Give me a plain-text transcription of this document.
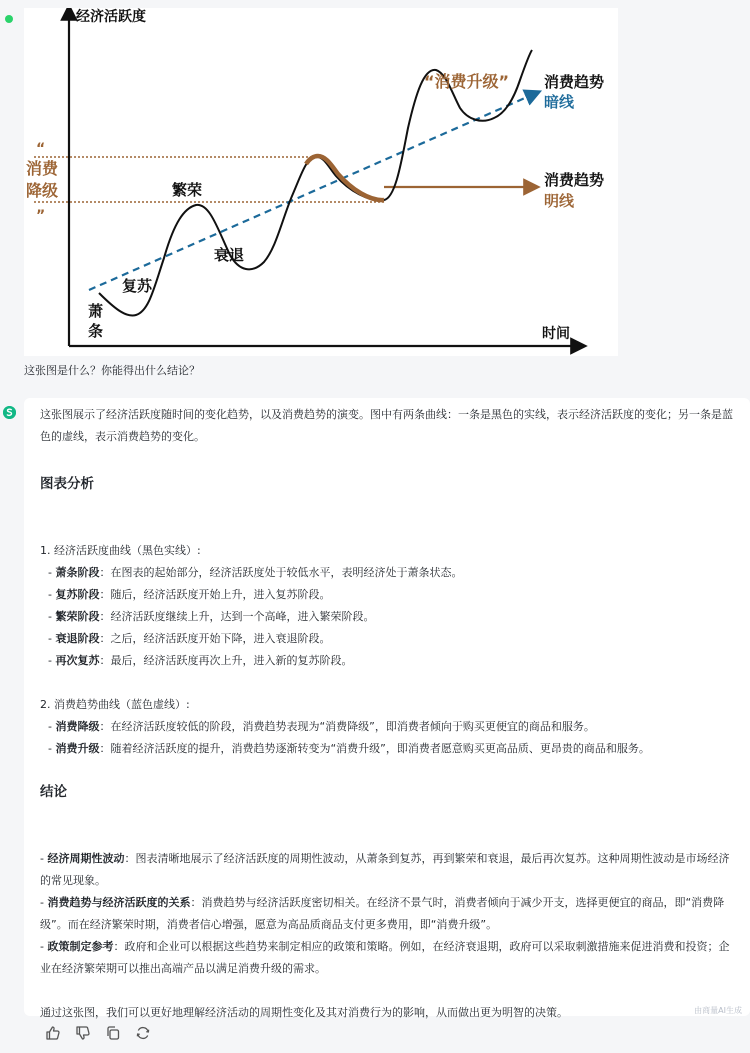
经济活跃度
时间
“消费升级”
“
消费
降级
”
消费趋势
暗线
消费趋势
明线
繁荣
复苏
衰退
萧
条
这张图是什么？你能得出什么结论？

这张图展示了经济活跃度随时间的变化趋势，以及消费趋势的演变。图中有两条曲线：一条是黑色的实线，表示经济活跃度的变化；另一条是蓝色的虚线，表示消费趋势的变化。

图表分析

1. 经济活跃度曲线（黑色实线）:

- 萧条阶段：在图表的起始部分，经济活跃度处于较低水平，表明经济处于萧条状态。

- 复苏阶段：随后，经济活跃度开始上升，进入复苏阶段。

- 繁荣阶段：经济活跃度继续上升，达到一个高峰，进入繁荣阶段。

- 衰退阶段：之后，经济活跃度开始下降，进入衰退阶段。

- 再次复苏：最后，经济活跃度再次上升，进入新的复苏阶段。

2. 消费趋势曲线（蓝色虚线）:

- 消费降级：在经济活跃度较低的阶段，消费趋势表现为“消费降级”，即消费者倾向于购买更便宜的商品和服务。

- 消费升级：随着经济活跃度的提升，消费趋势逐渐转变为“消费升级”，即消费者愿意购买更高品质、更昂贵的商品和服务。

结论

- 经济周期性波动：图表清晰地展示了经济活跃度的周期性波动，从萧条到复苏，再到繁荣和衰退，最后再次复苏。这种周期性波动是市场经济的常见现象。

- 消费趋势与经济活跃度的关系：消费趋势与经济活跃度密切相关。在经济不景气时，消费者倾向于减少开支，选择更便宜的商品，即“消费降级”。而在经济繁荣时期，消费者信心增强，愿意为高品质商品支付更多费用，即“消费升级”。

- 政策制定参考：政府和企业可以根据这些趋势来制定相应的政策和策略。例如，在经济衰退期，政府可以采取刺激措施来促进消费和投资；企业在经济繁荣期可以推出高端产品以满足消费升级的需求。

通过这张图，我们可以更好地理解经济活动的周期性变化及其对消费行为的影响，从而做出更为明智的决策。	由商量AI生成
